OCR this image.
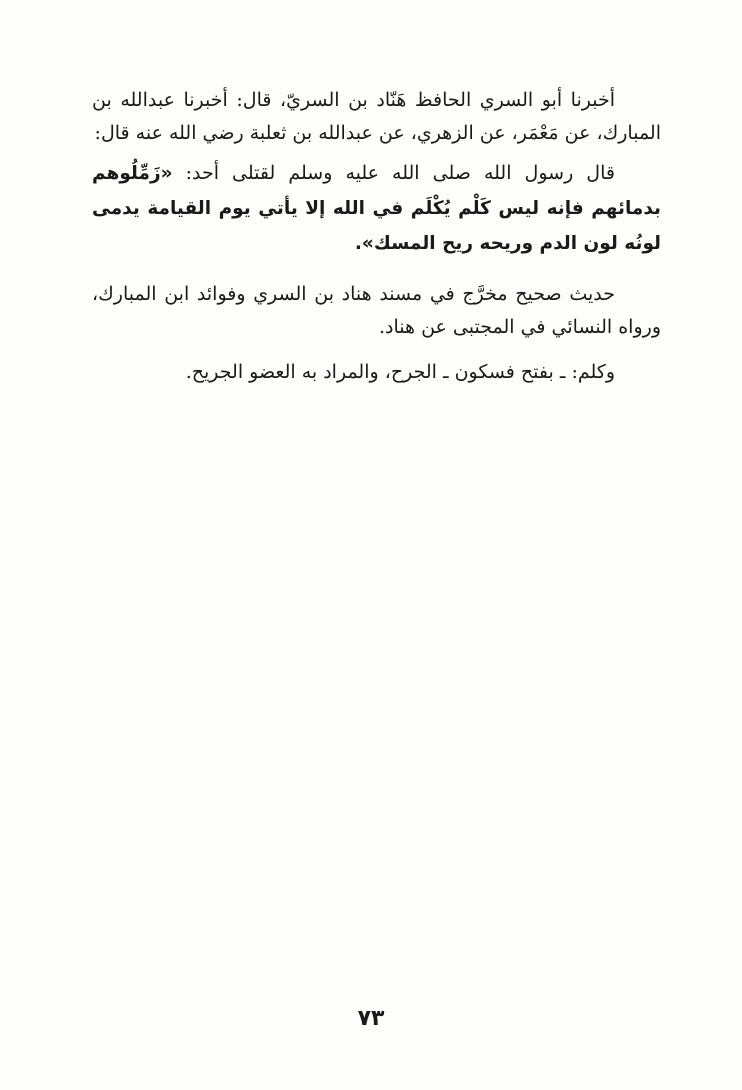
أخبرنا أبو السري الحافظ هَنّاد بن السريّ، قال: أخبرنا عبدالله بن المبارك، عن مَعْمَر، عن الزهري، عن عبدالله بن ثعلبة رضي الله عنه قال:

قال رسول الله صلى الله عليه وسلم لقتلى أحد: «زَمِّلُوهم بدمائهم فإنه ليس كَلْم يُكْلَم في الله إلا يأتي يوم القيامة يدمى لونُه لون الدم وريحه ريح المسك».

حديث صحيح مخرَّج في مسند هناد بن السري وفوائد ابن المبارك، ورواه النسائي في المجتبى عن هناد.

وكلم: ـ بفتح فسكون ـ الجرح، والمراد به العضو الجريح.

٧٣
